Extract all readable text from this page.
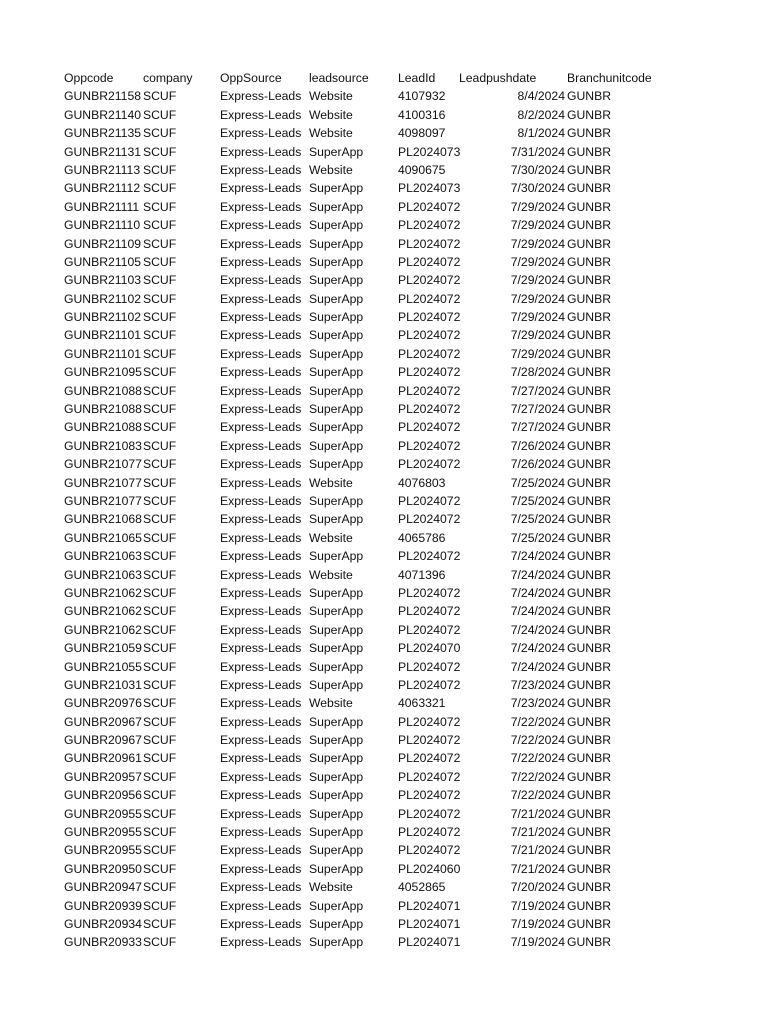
Oppcode	company	OppSource	leadsource	LeadId	Leadpushdate	Branchunitcode
GUNBR21158 SCUF	Express-Leads Website	4107932	8/4/2024 GUNBR
GUNBR21140 SCUF	Express-Leads Website	4100316	8/2/2024 GUNBR
GUNBR21135 SCUF	Express-Leads Website	4098097	8/1/2024 GUNBR
GUNBR21131 SCUF	Express-Leads SuperApp	PL2024073	7/31/2024 GUNBR
GUNBR21113 SCUF	Express-Leads Website	4090675	7/30/2024 GUNBR
GUNBR21112 SCUF	Express-Leads SuperApp	PL2024073	7/30/2024 GUNBR
GUNBR21111 SCUF	Express-Leads SuperApp	PL2024072	7/29/2024 GUNBR
GUNBR21110 SCUF	Express-Leads SuperApp	PL2024072	7/29/2024 GUNBR
GUNBR21109 SCUF	Express-Leads SuperApp	PL2024072	7/29/2024 GUNBR
GUNBR21105 SCUF	Express-Leads SuperApp	PL2024072	7/29/2024 GUNBR
GUNBR21103 SCUF	Express-Leads SuperApp	PL2024072	7/29/2024 GUNBR
GUNBR21102 SCUF	Express-Leads SuperApp	PL2024072	7/29/2024 GUNBR
GUNBR21102 SCUF	Express-Leads SuperApp	PL2024072	7/29/2024 GUNBR
GUNBR21101 SCUF	Express-Leads SuperApp	PL2024072	7/29/2024 GUNBR
GUNBR21101 SCUF	Express-Leads SuperApp	PL2024072	7/29/2024 GUNBR
GUNBR21095 SCUF	Express-Leads SuperApp	PL2024072	7/28/2024 GUNBR
GUNBR21088 SCUF	Express-Leads SuperApp	PL2024072	7/27/2024 GUNBR
GUNBR21088 SCUF	Express-Leads SuperApp	PL2024072	7/27/2024 GUNBR
GUNBR21088 SCUF	Express-Leads SuperApp	PL2024072	7/27/2024 GUNBR
GUNBR21083 SCUF	Express-Leads SuperApp	PL2024072	7/26/2024 GUNBR
GUNBR21077 SCUF	Express-Leads SuperApp	PL2024072	7/26/2024 GUNBR
GUNBR21077 SCUF	Express-Leads Website	4076803	7/25/2024 GUNBR
GUNBR21077 SCUF	Express-Leads SuperApp	PL2024072	7/25/2024 GUNBR
GUNBR21068 SCUF	Express-Leads SuperApp	PL2024072	7/25/2024 GUNBR
GUNBR21065 SCUF	Express-Leads Website	4065786	7/25/2024 GUNBR
GUNBR21063 SCUF	Express-Leads SuperApp	PL2024072	7/24/2024 GUNBR
GUNBR21063 SCUF	Express-Leads Website	4071396	7/24/2024 GUNBR
GUNBR21062 SCUF	Express-Leads SuperApp	PL2024072	7/24/2024 GUNBR
GUNBR21062 SCUF	Express-Leads SuperApp	PL2024072	7/24/2024 GUNBR
GUNBR21062 SCUF	Express-Leads SuperApp	PL2024072	7/24/2024 GUNBR
GUNBR21059 SCUF	Express-Leads SuperApp	PL2024070	7/24/2024 GUNBR
GUNBR21055 SCUF	Express-Leads SuperApp	PL2024072	7/24/2024 GUNBR
GUNBR21031 SCUF	Express-Leads SuperApp	PL2024072	7/23/2024 GUNBR
GUNBR20976 SCUF	Express-Leads Website	4063321	7/23/2024 GUNBR
GUNBR20967 SCUF	Express-Leads SuperApp	PL2024072	7/22/2024 GUNBR
GUNBR20967 SCUF	Express-Leads SuperApp	PL2024072	7/22/2024 GUNBR
GUNBR20961 SCUF	Express-Leads SuperApp	PL2024072	7/22/2024 GUNBR
GUNBR20957 SCUF	Express-Leads SuperApp	PL2024072	7/22/2024 GUNBR
GUNBR20956 SCUF	Express-Leads SuperApp	PL2024072	7/22/2024 GUNBR
GUNBR20955 SCUF	Express-Leads SuperApp	PL2024072	7/21/2024 GUNBR
GUNBR20955 SCUF	Express-Leads SuperApp	PL2024072	7/21/2024 GUNBR
GUNBR20955 SCUF	Express-Leads SuperApp	PL2024072	7/21/2024 GUNBR
GUNBR20950 SCUF	Express-Leads SuperApp	PL2024060	7/21/2024 GUNBR
GUNBR20947 SCUF	Express-Leads Website	4052865	7/20/2024 GUNBR
GUNBR20939 SCUF	Express-Leads SuperApp	PL2024071	7/19/2024 GUNBR
GUNBR20934 SCUF	Express-Leads SuperApp	PL2024071	7/19/2024 GUNBR
GUNBR20933 SCUF	Express-Leads SuperApp	PL2024071	7/19/2024 GUNBR
